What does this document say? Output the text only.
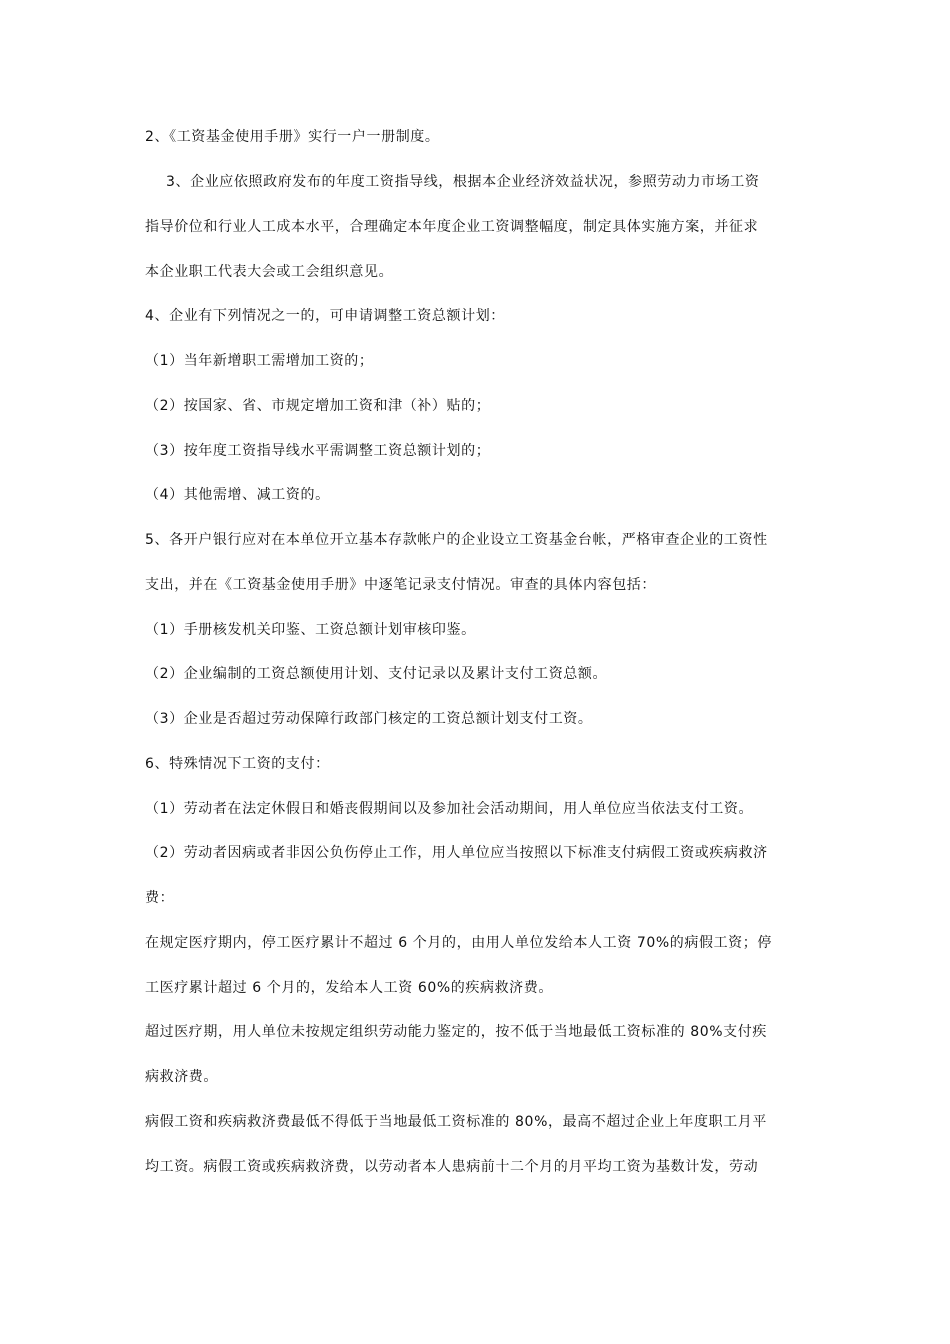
2、《工资基金使用手册》实行一户一册制度。
3、企业应依照政府发布的年度工资指导线，根据本企业经济效益状况，参照劳动力市场工资
指导价位和行业人工成本水平，合理确定本年度企业工资调整幅度，制定具体实施方案，并征求
本企业职工代表大会或工会组织意见。
4、企业有下列情况之一的，可申请调整工资总额计划：
（1）当年新增职工需增加工资的；
（2）按国家、省、市规定增加工资和津（补）贴的；
（3）按年度工资指导线水平需调整工资总额计划的；
（4）其他需增、减工资的。
5、各开户银行应对在本单位开立基本存款帐户的企业设立工资基金台帐，严格审查企业的工资性
支出，并在《工资基金使用手册》中逐笔记录支付情况。审查的具体内容包括：
（1）手册核发机关印鉴、工资总额计划审核印鉴。
（2）企业编制的工资总额使用计划、支付记录以及累计支付工资总额。
（3）企业是否超过劳动保障行政部门核定的工资总额计划支付工资。
6、特殊情况下工资的支付：
（1）劳动者在法定休假日和婚丧假期间以及参加社会活动期间，用人单位应当依法支付工资。
（2）劳动者因病或者非因公负伤停止工作，用人单位应当按照以下标准支付病假工资或疾病救济
费：
在规定医疗期内，停工医疗累计不超过 6 个月的，由用人单位发给本人工资 70%的病假工资；停
工医疗累计超过 6 个月的，发给本人工资 60%的疾病救济费。
超过医疗期，用人单位未按规定组织劳动能力鉴定的，按不低于当地最低工资标准的 80%支付疾
病救济费。
病假工资和疾病救济费最低不得低于当地最低工资标准的 80%，最高不超过企业上年度职工月平
均工资。病假工资或疾病救济费，以劳动者本人患病前十二个月的月平均工资为基数计发，劳动
